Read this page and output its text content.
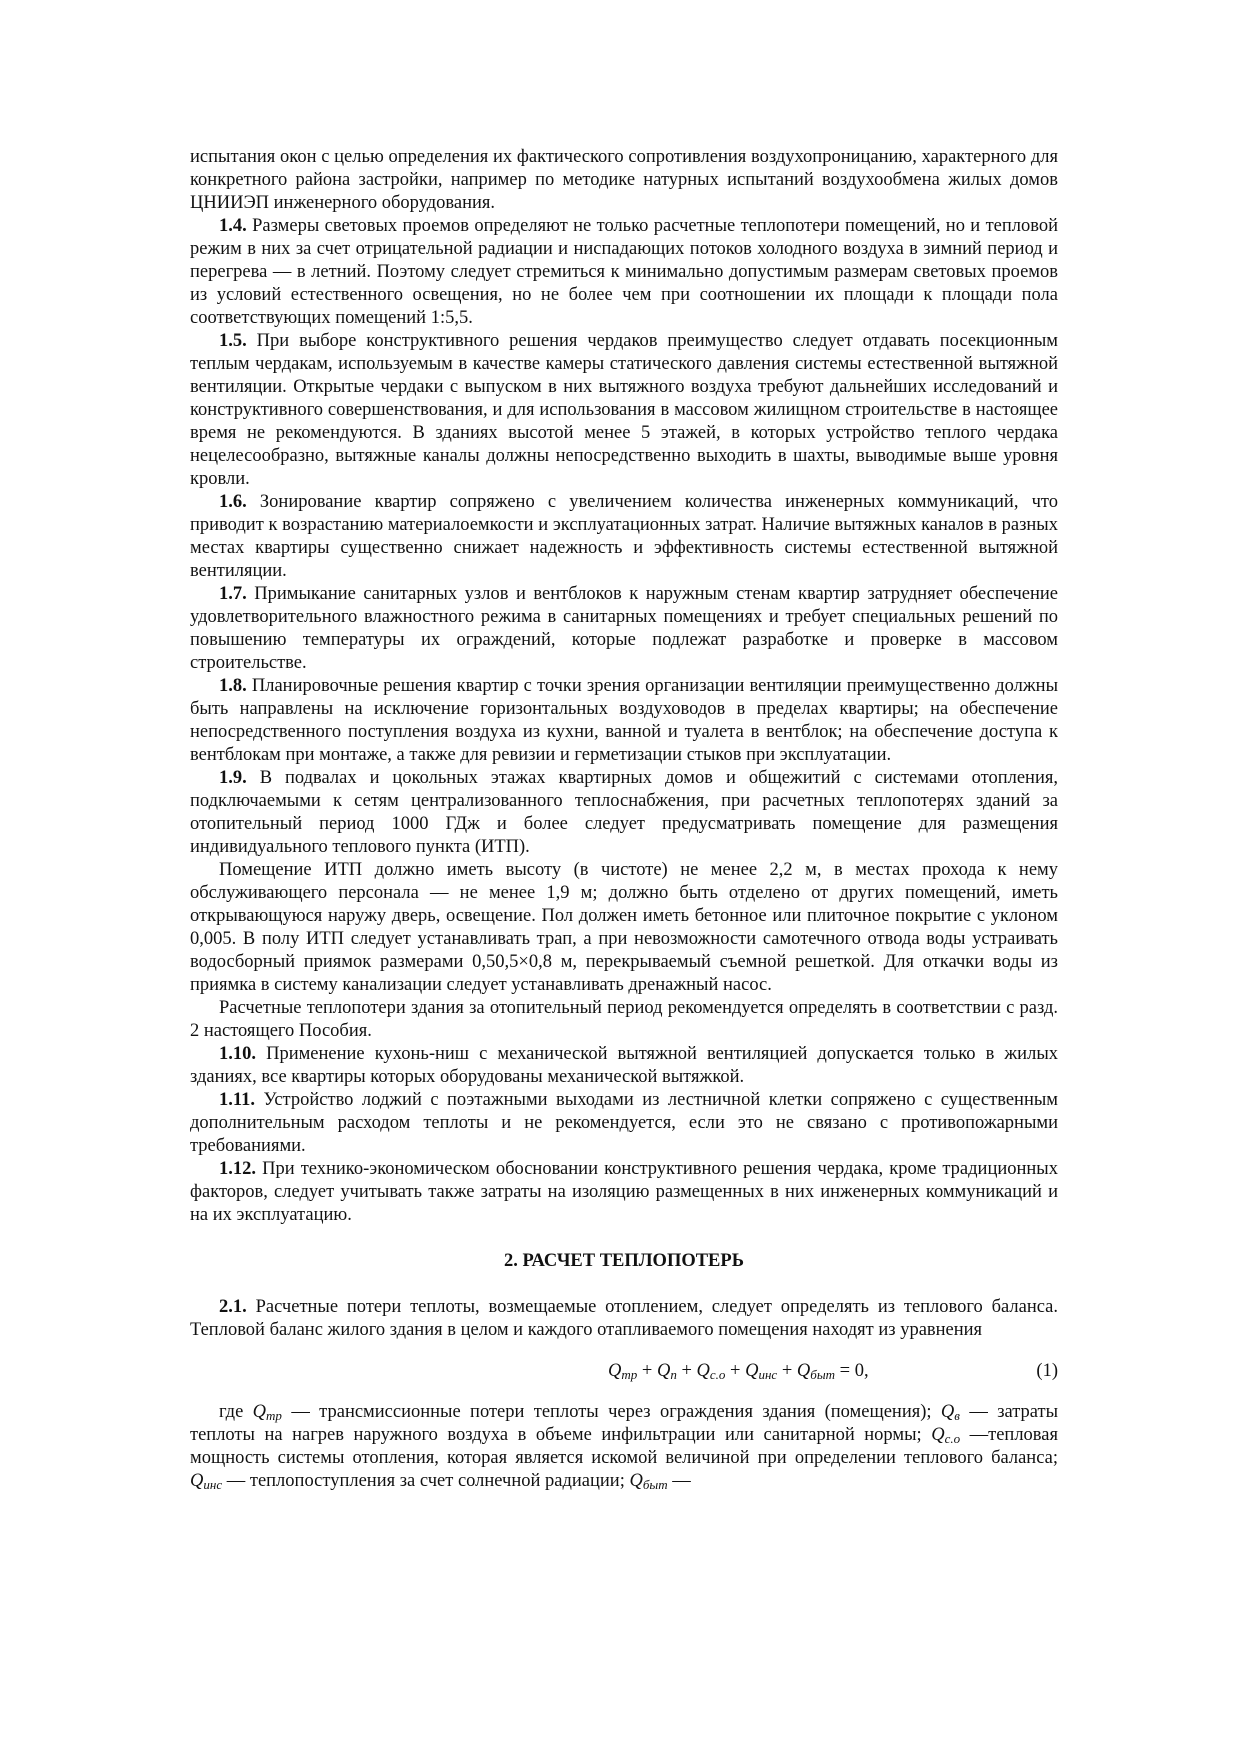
испытания окон с целью определения их фактического сопротивления воздухопроницанию, характерного для конкретного района застройки, например по методике натурных испытаний воздухообмена жилых домов ЦНИИЭП инженерного оборудования.

1.4. Размеры световых проемов определяют не только расчетные теплопотери помещений, но и тепловой режим в них за счет отрицательной радиации и ниспадающих потоков холодного воздуха в зимний период и перегрева — в летний. Поэтому следует стремиться к минимально допустимым размерам световых проемов из условий естественного освещения, но не более чем при соотношении их площади к площади пола соответствующих помещений 1:5,5.

1.5. При выборе конструктивного решения чердаков преимущество следует отдавать посекционным теплым чердакам, используемым в качестве камеры статического давления системы естественной вытяжной вентиляции. Открытые чердаки с выпуском в них вытяжного воздуха требуют дальнейших исследований и конструктивного совершенствования, и для использования в массовом жилищном строительстве в настоящее время не рекомендуются. В зданиях высотой менее 5 этажей, в которых устройство теплого чердака нецелесообразно, вытяжные каналы должны непосредственно выходить в шахты, выводимые выше уровня кровли.

1.6. Зонирование квартир сопряжено с увеличением количества инженерных коммуникаций, что приводит к возрастанию материалоемкости и эксплуатационных затрат. Наличие вытяжных каналов в разных местах квартиры существенно снижает надежность и эффективность системы естественной вытяжной вентиляции.

1.7. Примыкание санитарных узлов и вентблоков к наружным стенам квартир затрудняет обеспечение удовлетворительного влажностного режима в санитарных помещениях и требует специальных решений по повышению температуры их ограждений, которые подлежат разработке и проверке в массовом строительстве.

1.8. Планировочные решения квартир с точки зрения организации вентиляции преимущественно должны быть направлены на исключение горизонтальных воздуховодов в пределах квартиры; на обеспечение непосредственного поступления воздуха из кухни, ванной и туалета в вентблок; на обеспечение доступа к вентблокам при монтаже, а также для ревизии и герметизации стыков при эксплуатации.

1.9. В подвалах и цокольных этажах квартирных домов и общежитий с системами отопления, подключаемыми к сетям централизованного теплоснабжения, при расчетных теплопотерях зданий за отопительный период 1000 ГДж и более следует предусматривать помещение для размещения индивидуального теплового пункта (ИТП).

Помещение ИТП должно иметь высоту (в чистоте) не менее 2,2 м, в местах прохода к нему обслуживающего персонала — не менее 1,9 м; должно быть отделено от других помещений, иметь открывающуюся наружу дверь, освещение. Пол должен иметь бетонное или плиточное покрытие с уклоном 0,005. В полу ИТП следует устанавливать трап, а при невозможности самотечного отвода воды устраивать водосборный приямок размерами 0,50,5×0,8 м, перекрываемый съемной решеткой. Для откачки воды из приямка в систему канализации следует устанавливать дренажный насос.

Расчетные теплопотери здания за отопительный период рекомендуется определять в соответствии с разд. 2 настоящего Пособия.

1.10. Применение кухонь-ниш с механической вытяжной вентиляцией допускается только в жилых зданиях, все квартиры которых оборудованы механической вытяжкой.

1.11. Устройство лоджий с поэтажными выходами из лестничной клетки сопряжено с существенным дополнительным расходом теплоты и не рекомендуется, если это не связано с противопожарными требованиями.

1.12. При технико-экономическом обосновании конструктивного решения чердака, кроме традиционных факторов, следует учитывать также затраты на изоляцию размещенных в них инженерных коммуникаций и на их эксплуатацию.

2. РАСЧЕТ ТЕПЛОПОТЕРЬ

2.1. Расчетные потери теплоты, возмещаемые отоплением, следует определять из теплового баланса. Тепловой баланс жилого здания в целом и каждого отапливаемого помещения находят из уравнения

$Q_{тр} + Q_п + Q_{с.о} + Q_{инс} + Q_{быт} = 0$,	(1)

где $Q_{тр}$ — трансмиссионные потери теплоты через ограждения здания (помещения); $Q_в$ — затраты теплоты на нагрев наружного воздуха в объеме инфильтрации или санитарной нормы; $Q_{с.о}$ —тепловая мощность системы отопления, которая является искомой величиной при определении теплового баланса; $Q_{инс}$ — теплопоступления за счет солнечной радиации; $Q_{быт}$ —
